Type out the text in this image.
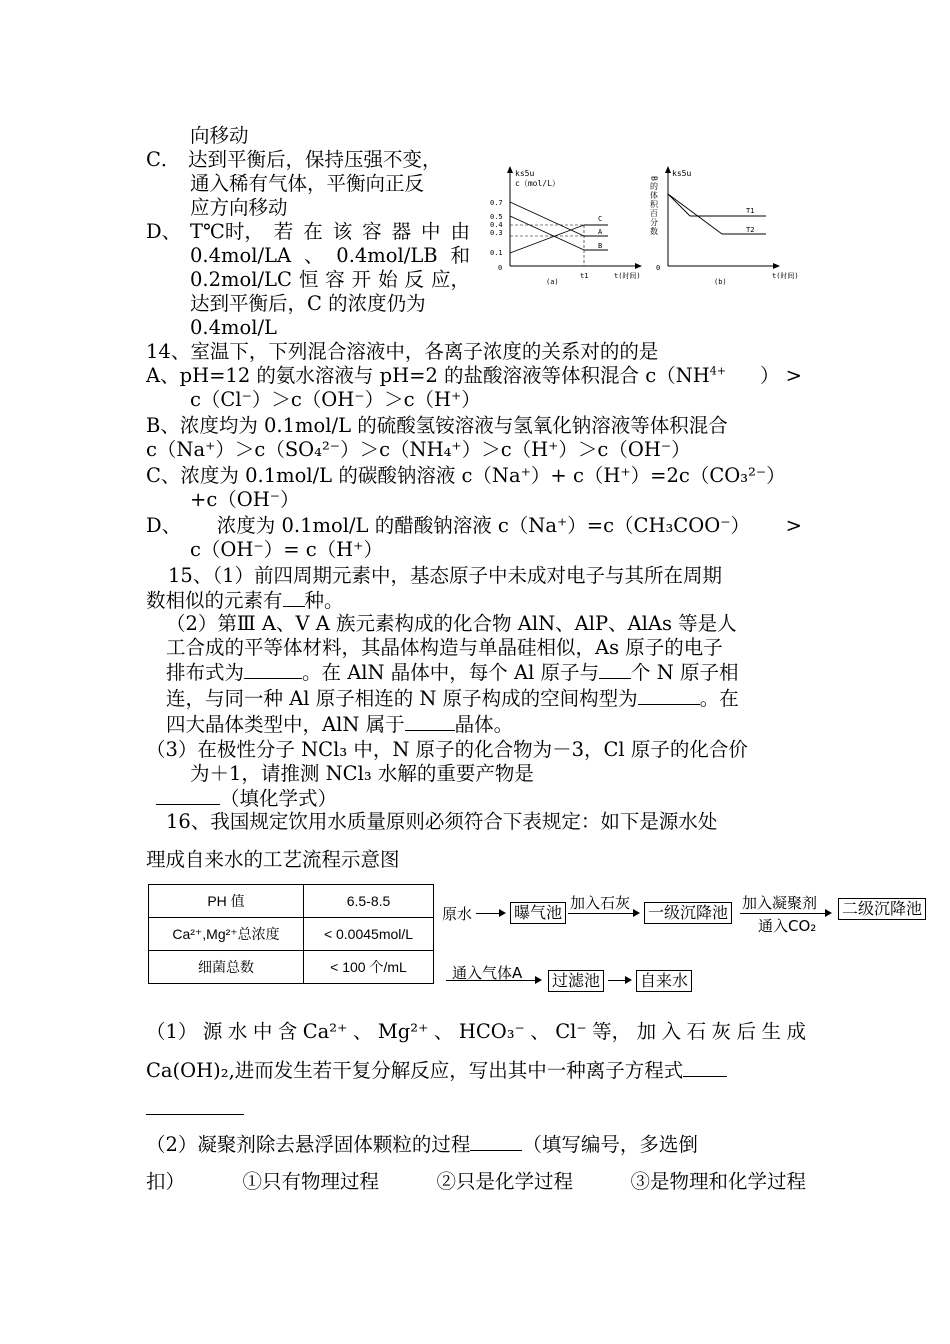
向移动
C． 达到平衡后，保持压强不变，
通入稀有气体，平衡向正反
应方向移动
D、 T℃时， 若 在 该 容 器 中 由
0.4mol/LA 、 0.4mol/LB 和
0.2mol/LC 恒 容 开 始 反 应，
达到平衡后，C 的浓度仍为
0.4mol/L
ks5u
c（mol/L）
0.7
0.5
0.4
0.3
0.1
0
C
A
B
t1	t(时间)
(a)
ks5u
B的体积百分数
0
T1
T2
t(时间)
(b)
14、室温下，下列混合溶液中，各离子浓度的关系对的的是
A、pH=12 的氨水溶液与 pH=2 的盐酸溶液等体积混合 $c(NH^{4+}$ ） >
c（Cl⁻）＞c（OH⁻）＞c（H⁺）
B、浓度均为 0.1mol/L 的硫酸氢铵溶液与氢氧化钠溶液等体积混合
c（Na⁺）＞c（SO₄²⁻）＞c（NH₄⁺）＞c（H⁺）＞c（OH⁻）
C、浓度为 0.1mol/L 的碳酸钠溶液 c（Na⁺）+ c（H⁺）=2c（CO₃²⁻）
+c（OH⁻）
D、 浓度为 0.1mol/L 的醋酸钠溶液 c（Na⁺）=c（CH₃COO⁻） >
c（OH⁻）= c（H⁺）
15、（1）前四周期元素中，基态原子中未成对电子与其所在周期
数相似的元素有 种。
（2）第Ⅲ A、Ⅴ A 族元素构成的化合物 AlN、AlP、AlAs 等是人
工合成的平等体材料，其晶体构造与单晶硅相似，As 原子的电子
排布式为	。在 AlN 晶体中，每个 Al 原子与 个 N 原子相
连，与同一种 Al 原子相连的 N 原子构成的空间构型为	。在
四大晶体类型中，AlN 属于	晶体。
（3）在极性分子 NCl₃ 中，N 原子的化合物为－3，Cl 原子的化合价
为＋1，请推测 NCl₃ 水解的重要产物是
（填化学式）
16、我国规定饮用水质量原则必须符合下表规定：如下是源水处
理成自来水的工艺流程示意图
PH 值	6.5-8.5
Ca²⁺,Mg²⁺总浓度	< 0.0045mol/L
细菌总数	< 100 个/mL
原水	曝气池 加入石灰 一级沉降池 加入凝聚剂
通入CO₂
二级沉降池
通入气体A 过滤池 自来水
（1） 源 水 中 含 Ca²⁺ 、 Mg²⁺ 、 HCO₃⁻ 、 Cl⁻ 等， 加 入 石 灰 后 生 成
Ca(OH)₂,进而发生若干复分解反应，写出其中一种离子方程式
（2）凝聚剂除去悬浮固体颗粒的过程	（填写编号，多选倒
扣）	①只有物理过程	②只是化学过程	③是物理和化学过程
